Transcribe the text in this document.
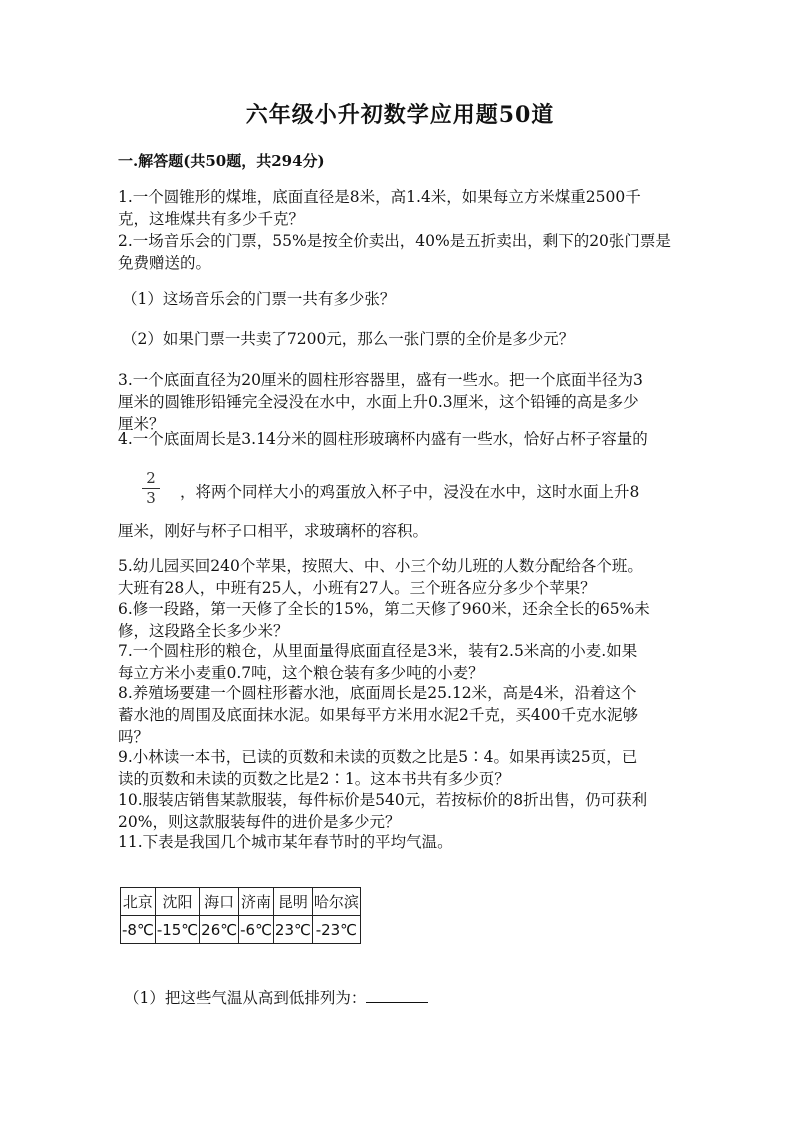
六年级小升初数学应用题50道
一.解答题(共50题，共294分)
1.一个圆锥形的煤堆，底面直径是8米，高1.4米，如果每立方米煤重2500千
克，这堆煤共有多少千克？
2.一场音乐会的门票，55%是按全价卖出，40%是五折卖出，剩下的20张门票是
免费赠送的。
（1）这场音乐会的门票一共有多少张？
（2）如果门票一共卖了7200元，那么一张门票的全价是多少元？
3.一个底面直径为20厘米的圆柱形容器里，盛有一些水。把一个底面半径为3
厘米的圆锥形铅锤完全浸没在水中，水面上升0.3厘米，这个铅锤的高是多少
厘米？
4.一个底面周长是3.14分米的圆柱形玻璃杯内盛有一些水，恰好占杯子容量的
2
3 ，将两个同样大小的鸡蛋放入杯子中，浸没在水中，这时水面上升8
厘米，刚好与杯子口相平，求玻璃杯的容积。
5.幼儿园买回240个苹果，按照大、中、小三个幼儿班的人数分配给各个班。
大班有28人，中班有25人，小班有27人。三个班各应分多少个苹果？
6.修一段路，第一天修了全长的15%，第二天修了960米，还余全长的65%未
修，这段路全长多少米？
7.一个圆柱形的粮仓，从里面量得底面直径是3米，装有2.5米高的小麦.如果
每立方米小麦重0.7吨，这个粮仓装有多少吨的小麦？
8.养殖场要建一个圆柱形蓄水池，底面周长是25.12米，高是4米，沿着这个
蓄水池的周围及底面抹水泥。如果每平方米用水泥2千克，买400千克水泥够
吗？
9.小林读一本书，已读的页数和未读的页数之比是5∶4。如果再读25页，已
读的页数和未读的页数之比是2∶1。这本书共有多少页？
10.服装店销售某款服装，每件标价是540元，若按标价的8折出售，仍可获利
20%，则这款服装每件的进价是多少元？
11.下表是我国几个城市某年春节时的平均气温。
北京	沈阳	海口	济南	昆明	哈尔滨
-8℃	-15℃	26℃	-6℃	23℃	-23℃
（1）把这些气温从高到低排列为：
